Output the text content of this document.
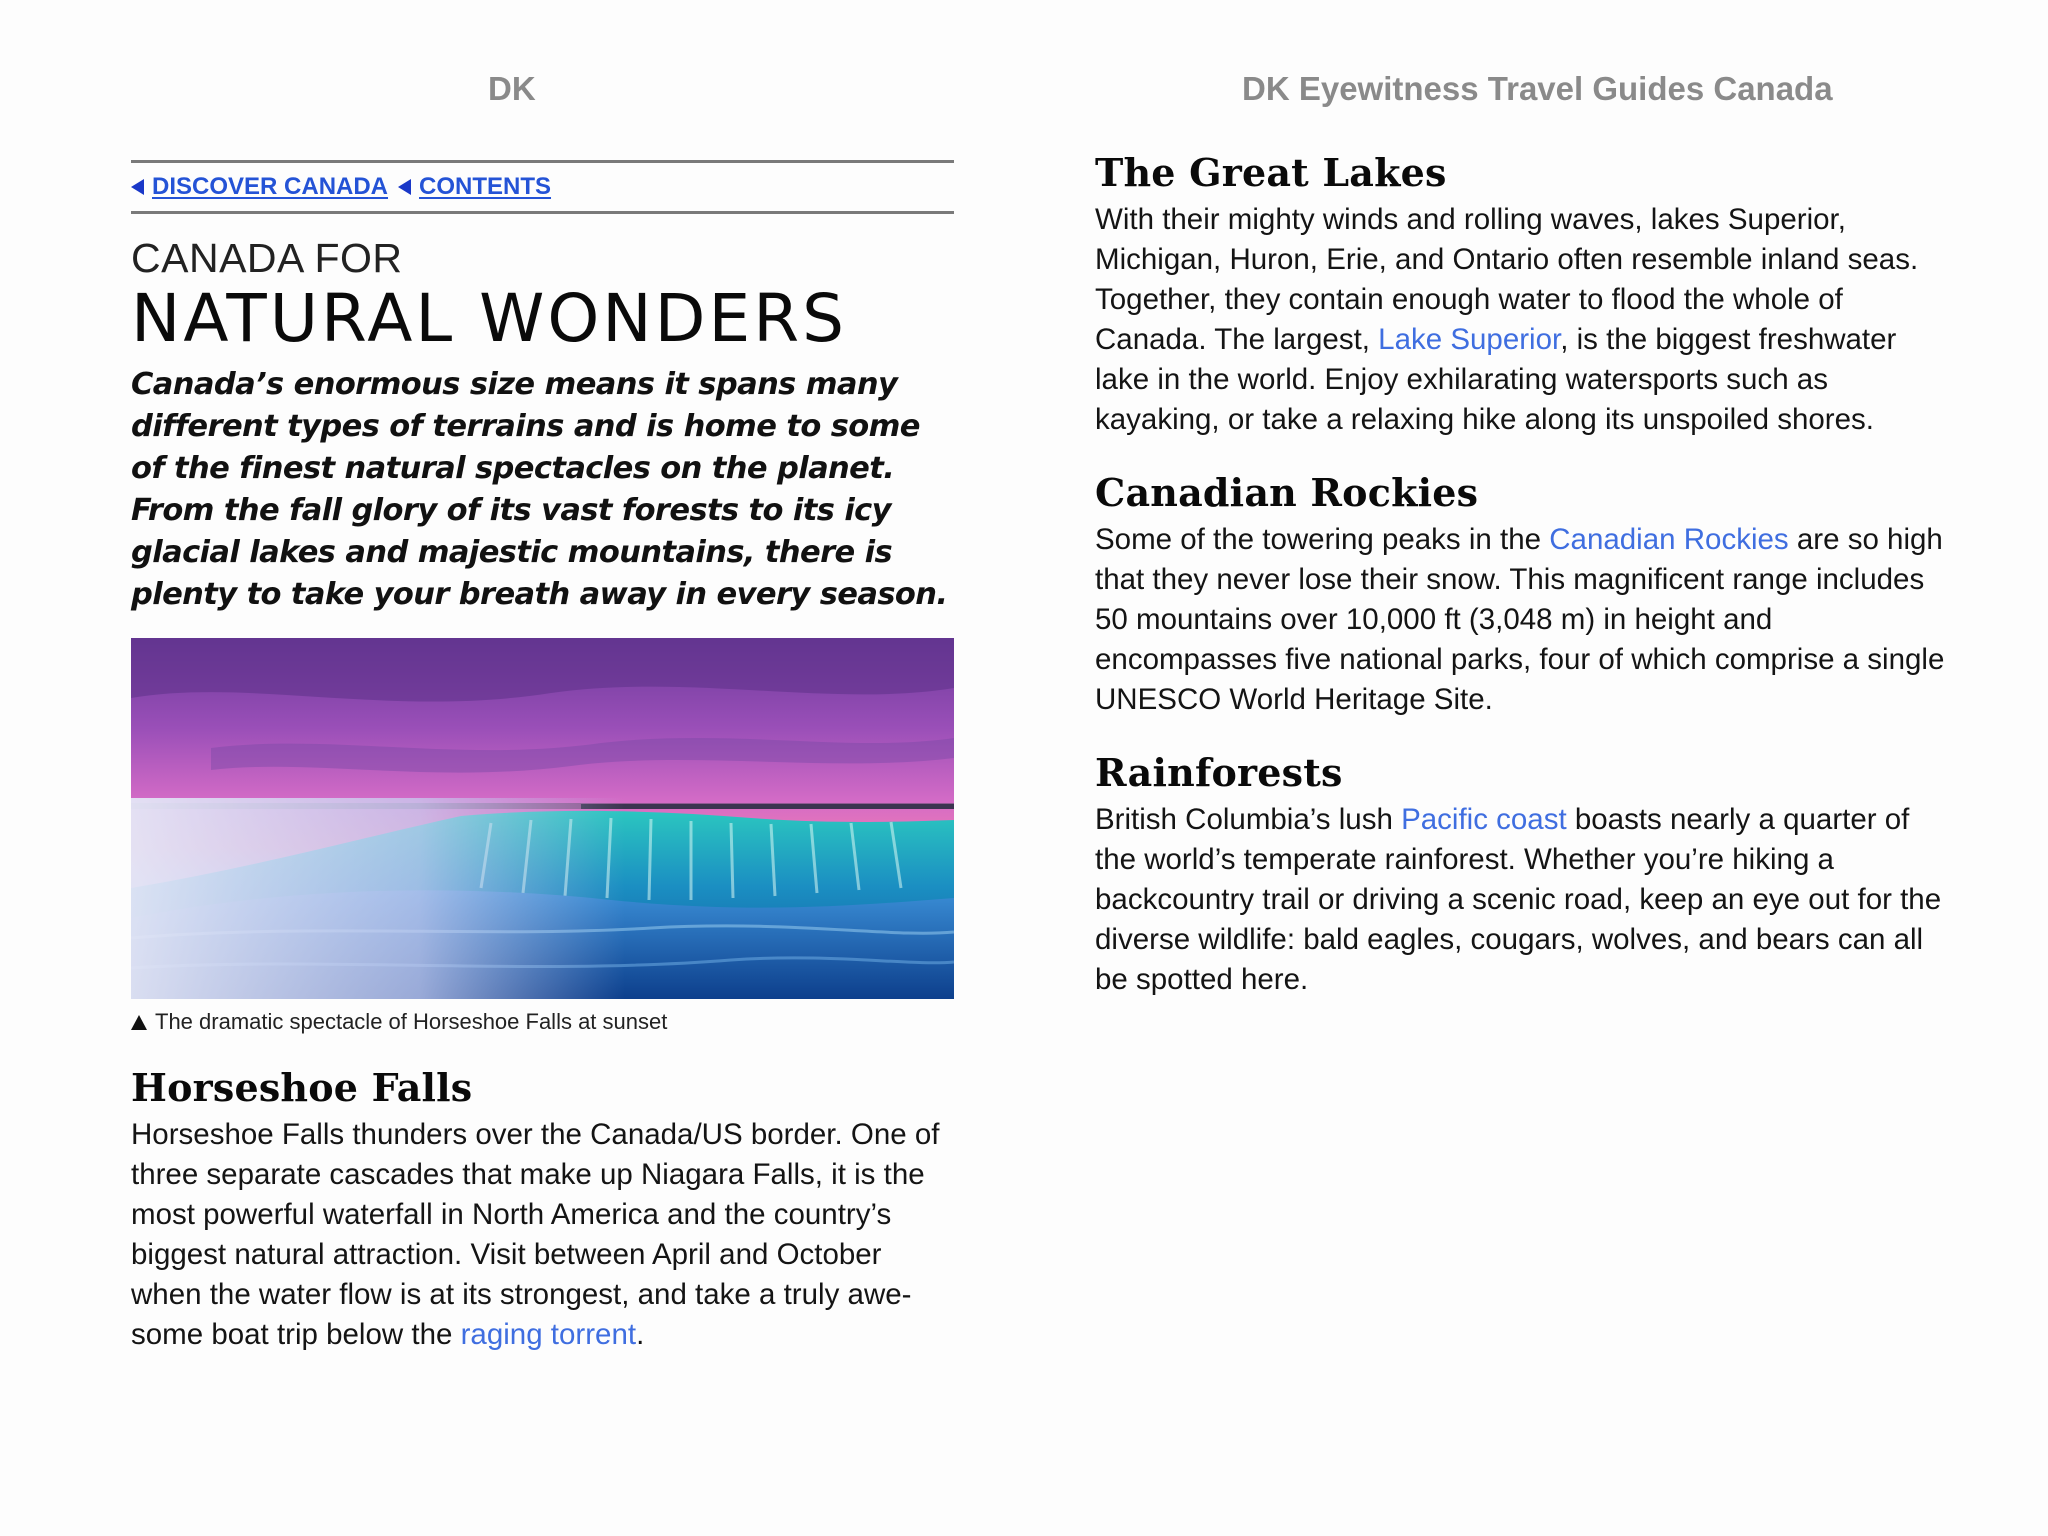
DK
DISCOVER CANADA CONTENTS
CANADA FOR
NATURAL WONDERS
Canada’s enormous size means it spans many different types of terrains and is home to some of the finest natural spectacles on the planet. From the fall glory of its vast forests to its icy glacial lakes and majestic mountains, there is plenty to take your breath away in every season.
The dramatic spectacle of Horseshoe Falls at sunset
Horseshoe Falls

Horseshoe Falls thunders over the Canada/US border. One of three separate cascades that make up Niagara Falls, it is the most powerful waterfall in North America and the country’s biggest natural attraction. Visit between April and October when the water flow is at its strongest, and take a truly awe-some boat trip below the raging torrent.

DK Eyewitness Travel Guides Canada
The Great Lakes

With their mighty winds and rolling waves, lakes Superior, Michigan, Huron, Erie, and Ontario often resemble inland seas. Together, they contain enough water to flood the whole of Canada. The largest, Lake Superior, is the biggest freshwater lake in the world. Enjoy exhilarating watersports such as kayaking, or take a relaxing hike along its unspoiled shores.

Canadian Rockies

Some of the towering peaks in the Canadian Rockies are so high that they never lose their snow. This magnificent range includes 50 mountains over 10,000 ft (3,048 m) in height and encompasses five national parks, four of which comprise a single UNESCO World Heritage Site.

Rainforests

British Columbia’s lush Pacific coast boasts nearly a quarter of the world’s temperate rainforest. Whether you’re hiking a backcountry trail or driving a scenic road, keep an eye out for the diverse wildlife: bald eagles, cougars, wolves, and bears can all be spotted here.
